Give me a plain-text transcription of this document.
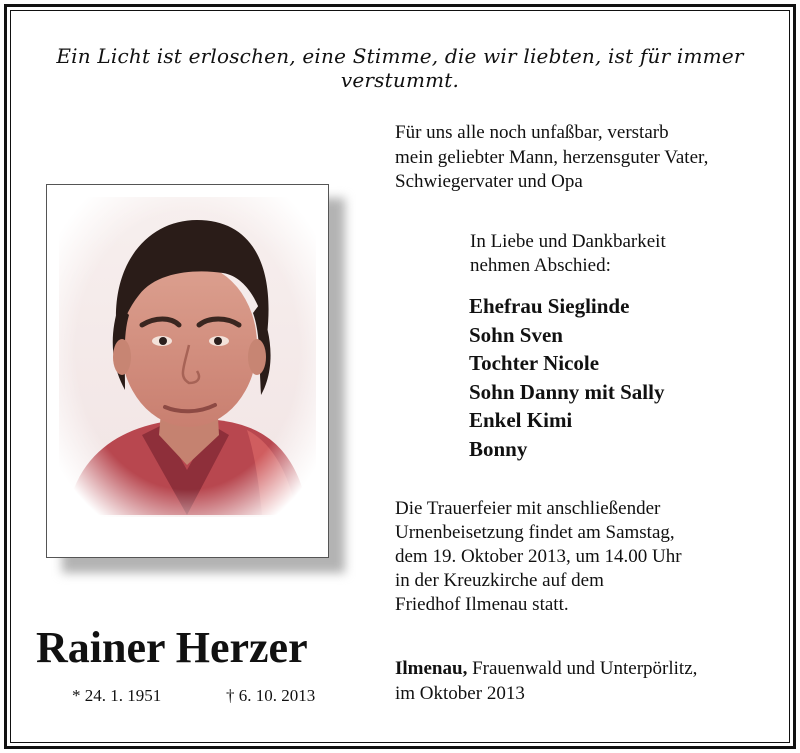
Ein Licht ist erloschen, eine Stimme, die wir liebten, ist für immer verstummt.
Rainer Herzer
* 24. 1. 1951	† 6. 10. 2013
Für uns alle noch unfaßbar, verstarb
mein geliebter Mann, herzensguter Vater,
Schwiegervater und Opa
In Liebe und Dankbarkeit
nehmen Abschied:
Ehefrau Sieglinde
Sohn Sven
Tochter Nicole
Sohn Danny mit Sally
Enkel Kimi
Bonny
Die Trauerfeier mit anschließender
Urnenbeisetzung findet am Samstag,
dem 19. Oktober 2013, um 14.00 Uhr
in der Kreuzkirche auf dem
Friedhof Ilmenau statt.
Ilmenau, Frauenwald und Unterpörlitz,
im Oktober 2013
